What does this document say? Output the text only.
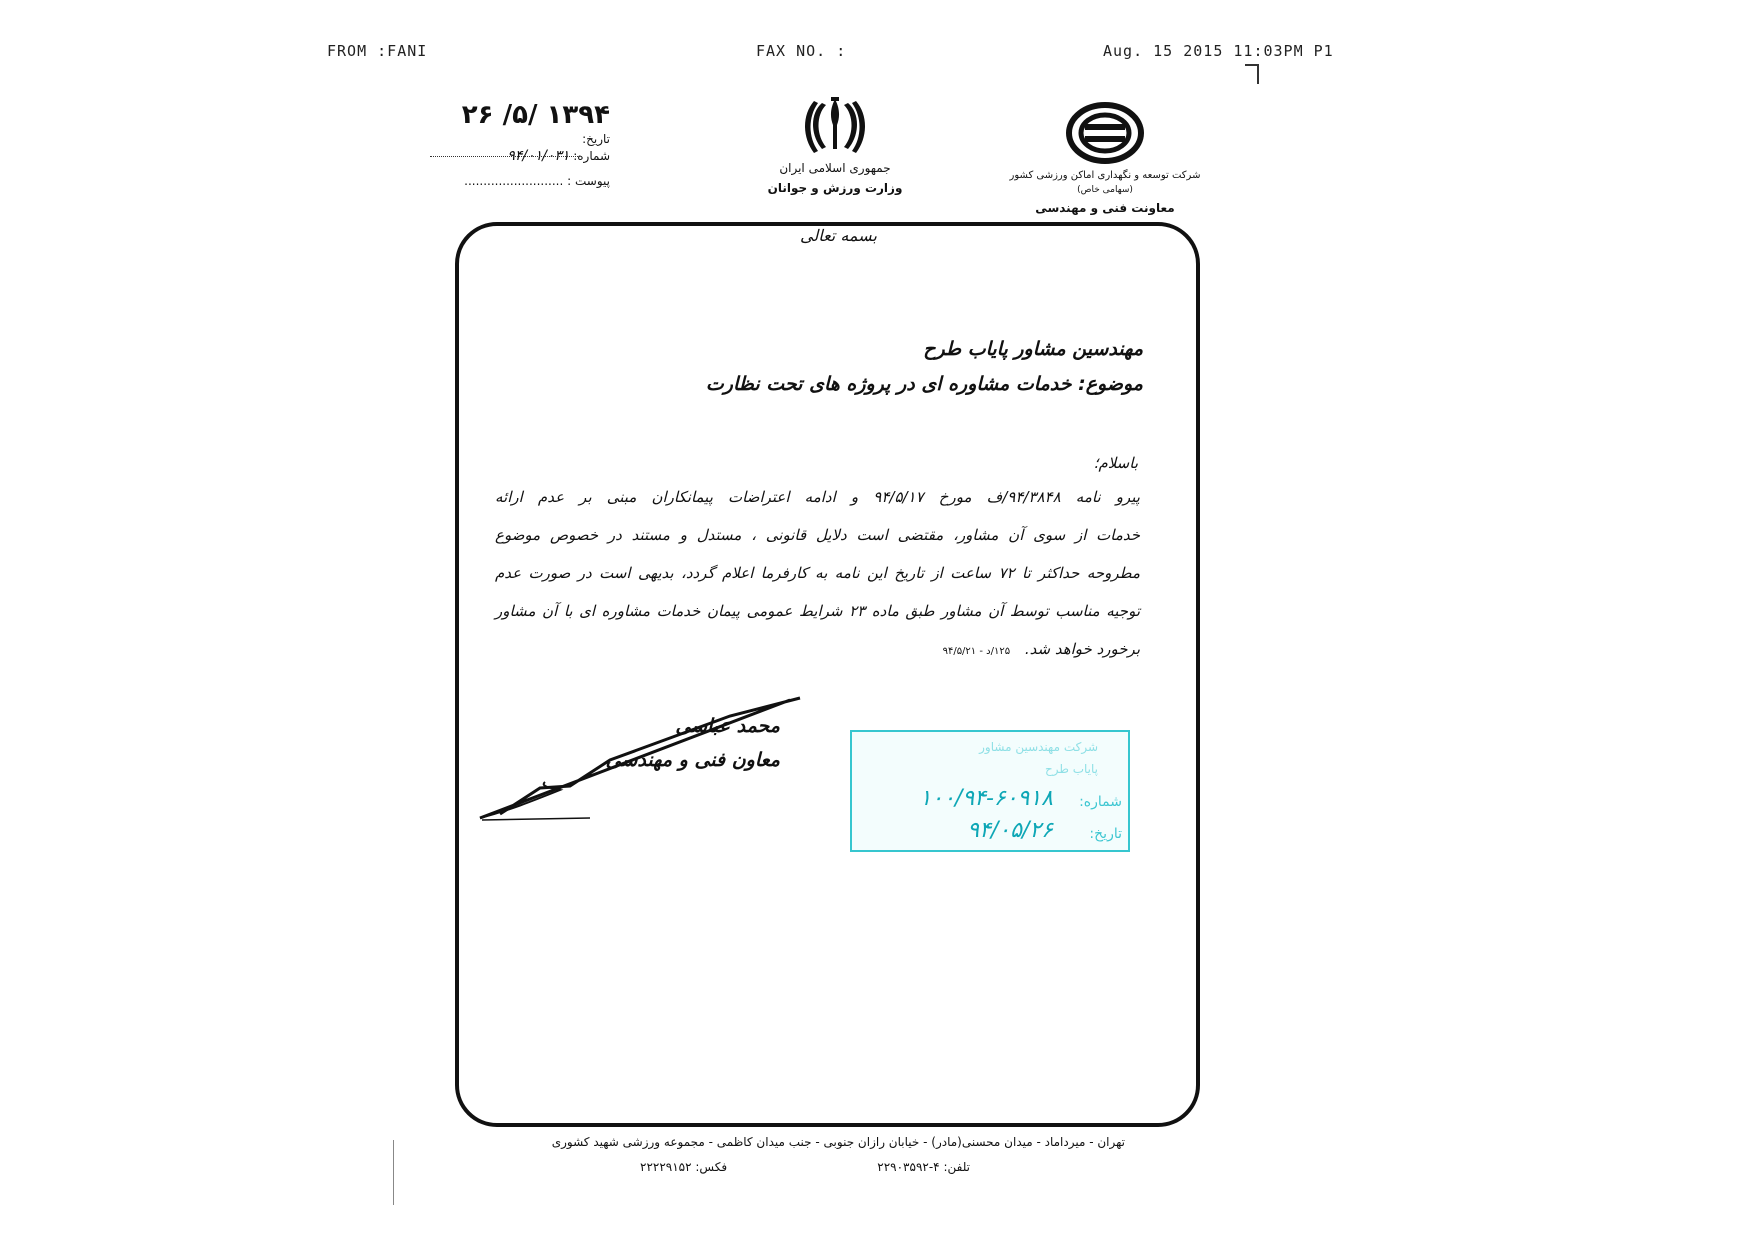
FROM :FANI	FAX NO. :	Aug. 15 2015 11:03PM P1
۱۳۹۴ /۵/ ۲۶
تاریخ:
شماره: ۹۴/۰۱/۰۳۱
پیوست : ..........................
جمهوری اسلامی ایران
وزارت ورزش و جوانان
شرکت توسعه و نگهداری اماکن ورزشی کشور
(سهامی خاص)
معاونت فنی و مهندسی
بسمه تعالی
مهندسین مشاور پایاب طرح
موضوع: خدمات مشاوره ای در پروژه های تحت نظارت
باسلام؛
پیرو نامه ۹۴/۳۸۴۸/ف مورخ ۹۴/۵/۱۷ و ادامه اعتراضات پیمانکاران مبنی بر عدم ارائه
خدمات از سوی آن مشاور، مقتضی است دلایل قانونی ، مستدل و مستند در خصوص موضوع
مطروحه حداکثر تا ۷۲ ساعت از تاریخ این نامه به کارفرما اعلام گردد، بدیهی است در صورت عدم
توجیه مناسب توسط آن مشاور طبق ماده ۲۳ شرایط عمومی پیمان خدمات مشاوره ای با آن مشاور
برخورد خواهد شد. ۱۲۵/د - ۹۴/۵/۲۱
محمد عباسی
معاون فنی و مهندسی
شرکت مهندسین مشاور
پایاب طرح
شماره:
۱۰۰/۹۴-۶۰۹۱۸
تاریخ:
۹۴/۰۵/۲۶
تهران - میرداماد - میدان محسنی(مادر) - خیابان رازان جنوبی - جنب میدان کاظمی - مجموعه ورزشی شهید کشوری
تلفن: ۴-۲۲۹۰۳۵۹۲
فکس: ۲۲۲۲۹۱۵۲
